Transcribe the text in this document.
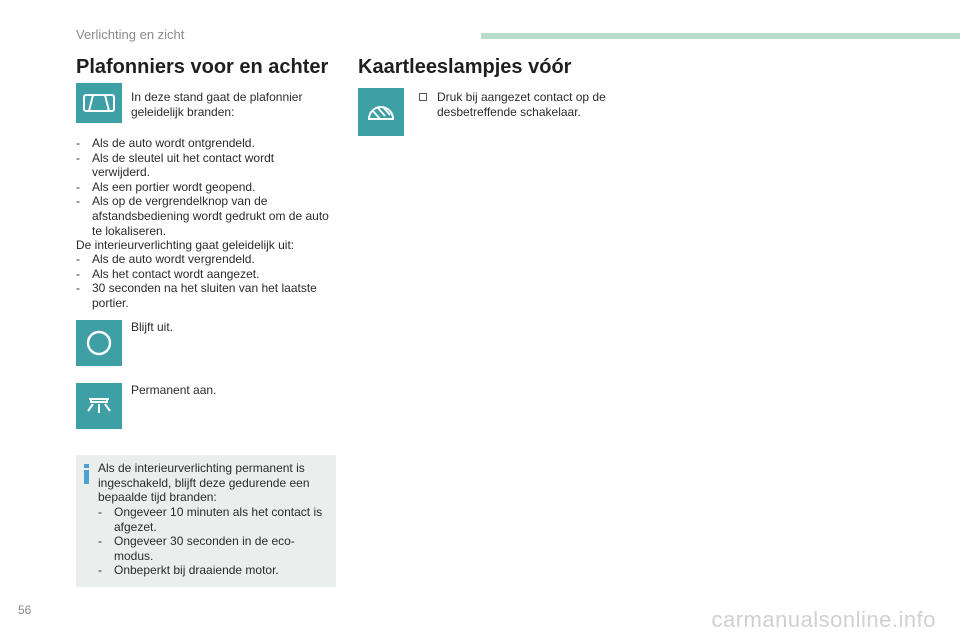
Verlichting en zicht
Plafonniers voor en achter Kaartleeslampjes vóór

In deze stand gaat de plafonnier geleidelijk branden:

- Als de auto wordt ontgrendeld.
- Als de sleutel uit het contact wordt verwijderd.
- Als een portier wordt geopend.
- Als op de vergrendelknop van de afstandsbediening wordt gedrukt om de auto te lokaliseren.

De interieurverlichting gaat geleidelijk uit:

- Als de auto wordt vergrendeld.
- Als het contact wordt aangezet.
- 30 seconden na het sluiten van het laatste portier.

Blijft uit.

Permanent aan.

Als de interieurverlichting permanent is ingeschakeld, blijft deze gedurende een bepaalde tijd branden:

- Ongeveer 10 minuten als het contact is afgezet.
- Ongeveer 30 seconden in de eco-modus.
- Onbeperkt bij draaiende motor.

Druk bij aangezet contact op de desbetreffende schakelaar.

56	carmanualsonline.info
